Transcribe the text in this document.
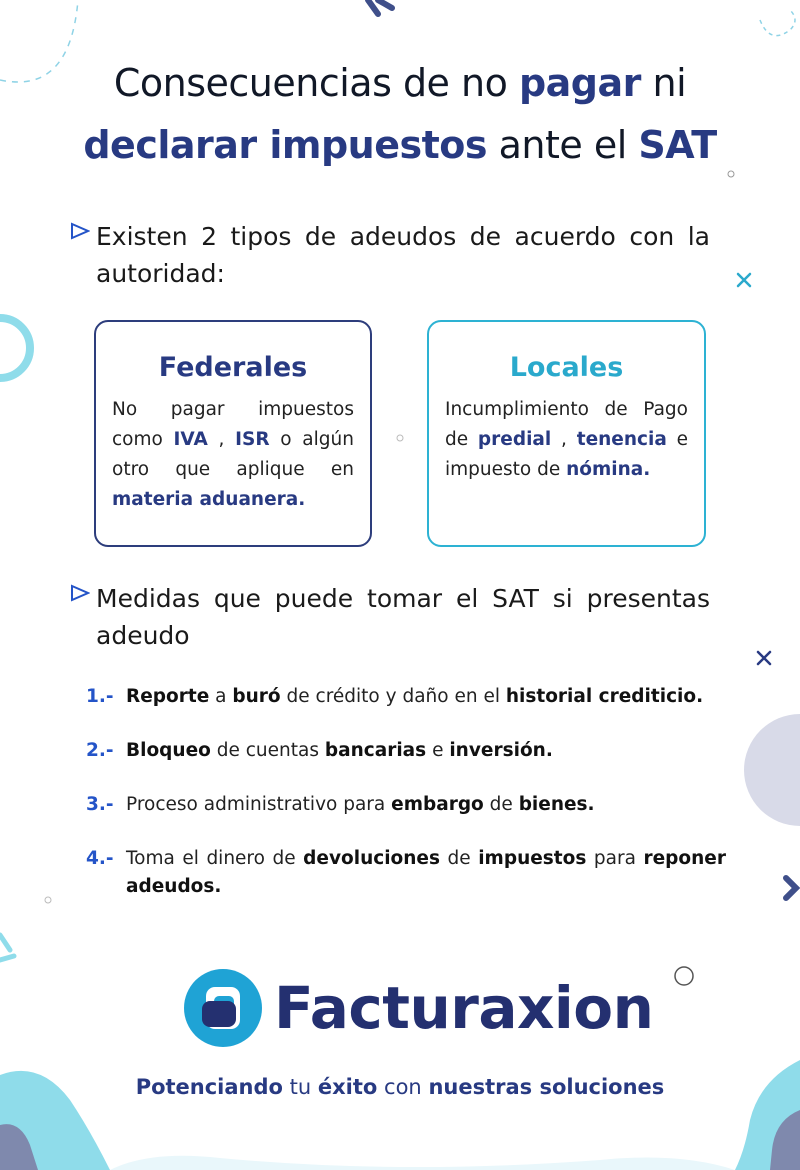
Consecuencias de no pagar ni
declarar impuestos ante el SAT
Existen 2 tipos de adeudos de acuerdo con la autoridad:
Federales

No pagar impuestos como IVA , ISR o algún otro que aplique en materia aduanera.

Locales

Incumplimiento de Pago de predial , tenencia e impuesto de nómina.

Medidas que puede tomar el SAT si presentas adeudo
1.- Reporte a buró de crédito y daño en el historial crediticio.
2.- Bloqueo de cuentas bancarias e inversión.
3.- Proceso administrativo para embargo de bienes.
4.- Toma el dinero de devoluciones de impuestos para reponer adeudos.
Facturaxion
Potenciando tu éxito con nuestras soluciones
